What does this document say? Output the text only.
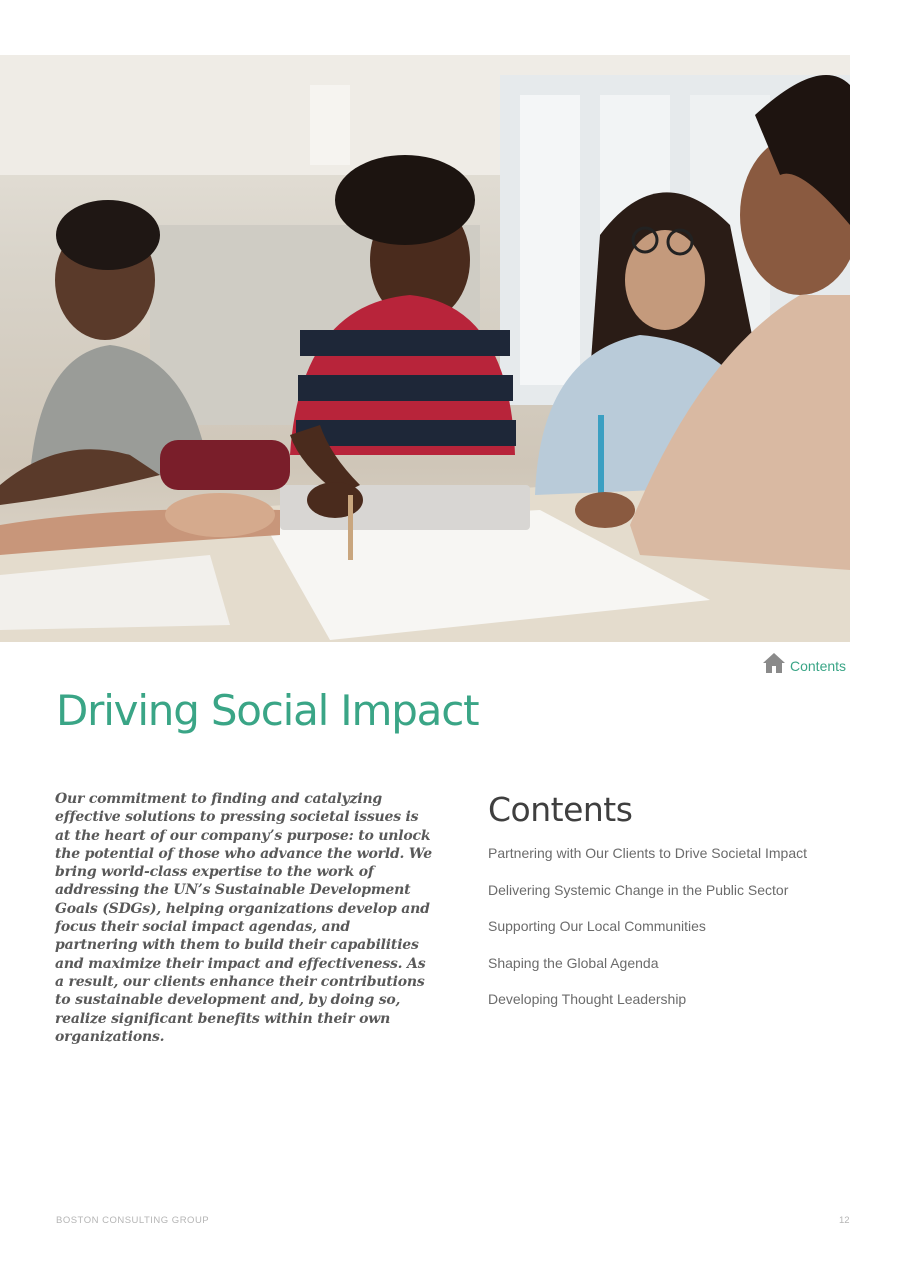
Contents
Driving Social Impact

Our commitment to finding and catalyzing effective solutions to pressing societal issues is at the heart of our company’s purpose: to unlock the potential of those who advance the world. We bring world-class expertise to the work of addressing the UN’s Sustainable Development Goals (SDGs), helping organizations develop and focus their social impact agendas, and partnering with them to build their capabilities and maximize their impact and effectiveness. As a result, our clients enhance their contributions to sustainable development and, by doing so, realize significant benefits within their own organizations.

Contents
Partnering with Our Clients to Drive Societal Impact
Delivering Systemic Change in the Public Sector
Supporting Our Local Communities
Shaping the Global Agenda
Developing Thought Leadership
BOSTON CONSULTING GROUP	12
